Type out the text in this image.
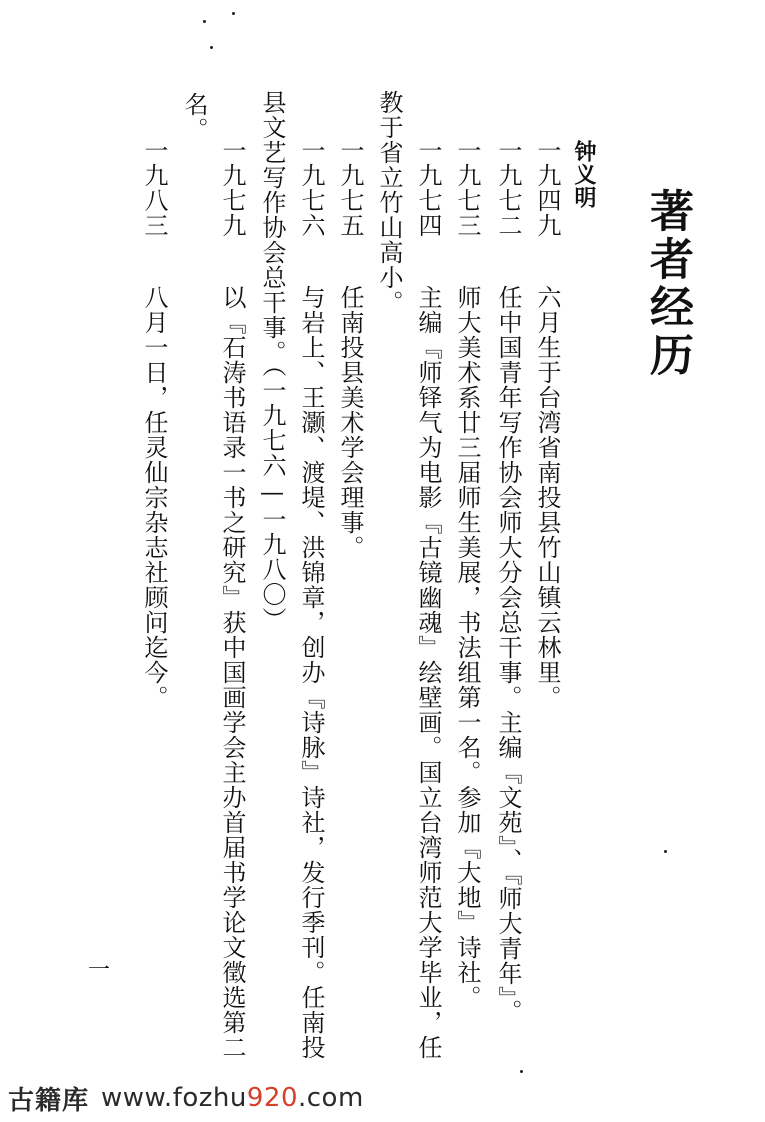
著者经历
钟义明
一九四九
六月生于台湾省南投县竹山镇云林里。
一九七二
任中国青年写作协会师大分会总干事。主编『文苑』、『师大青年』。
一九七三
师大美术系廿三届师生美展，书法组第一名。参加『大地』诗社。
一九七四
主编『师铎气为电影『古镜幽魂』绘壁画。国立台湾师范大学毕业，任
教于省立竹山高小。
一九七五
任南投县美术学会理事。
一九七六
与岩上、王灏、渡堤、洪锦章，创办『诗脉』诗社，发行季刊。任南投
县文艺写作协会总干事。（一九七六—一九八〇）
一九七九
以『石涛书语录一书之研究』获中国画学会主办首届书学论文徵选第二
名。
一九八三
八月一日，任灵仙宗杂志社顾问迄今。
一
古籍库 www.fozhu920.com
